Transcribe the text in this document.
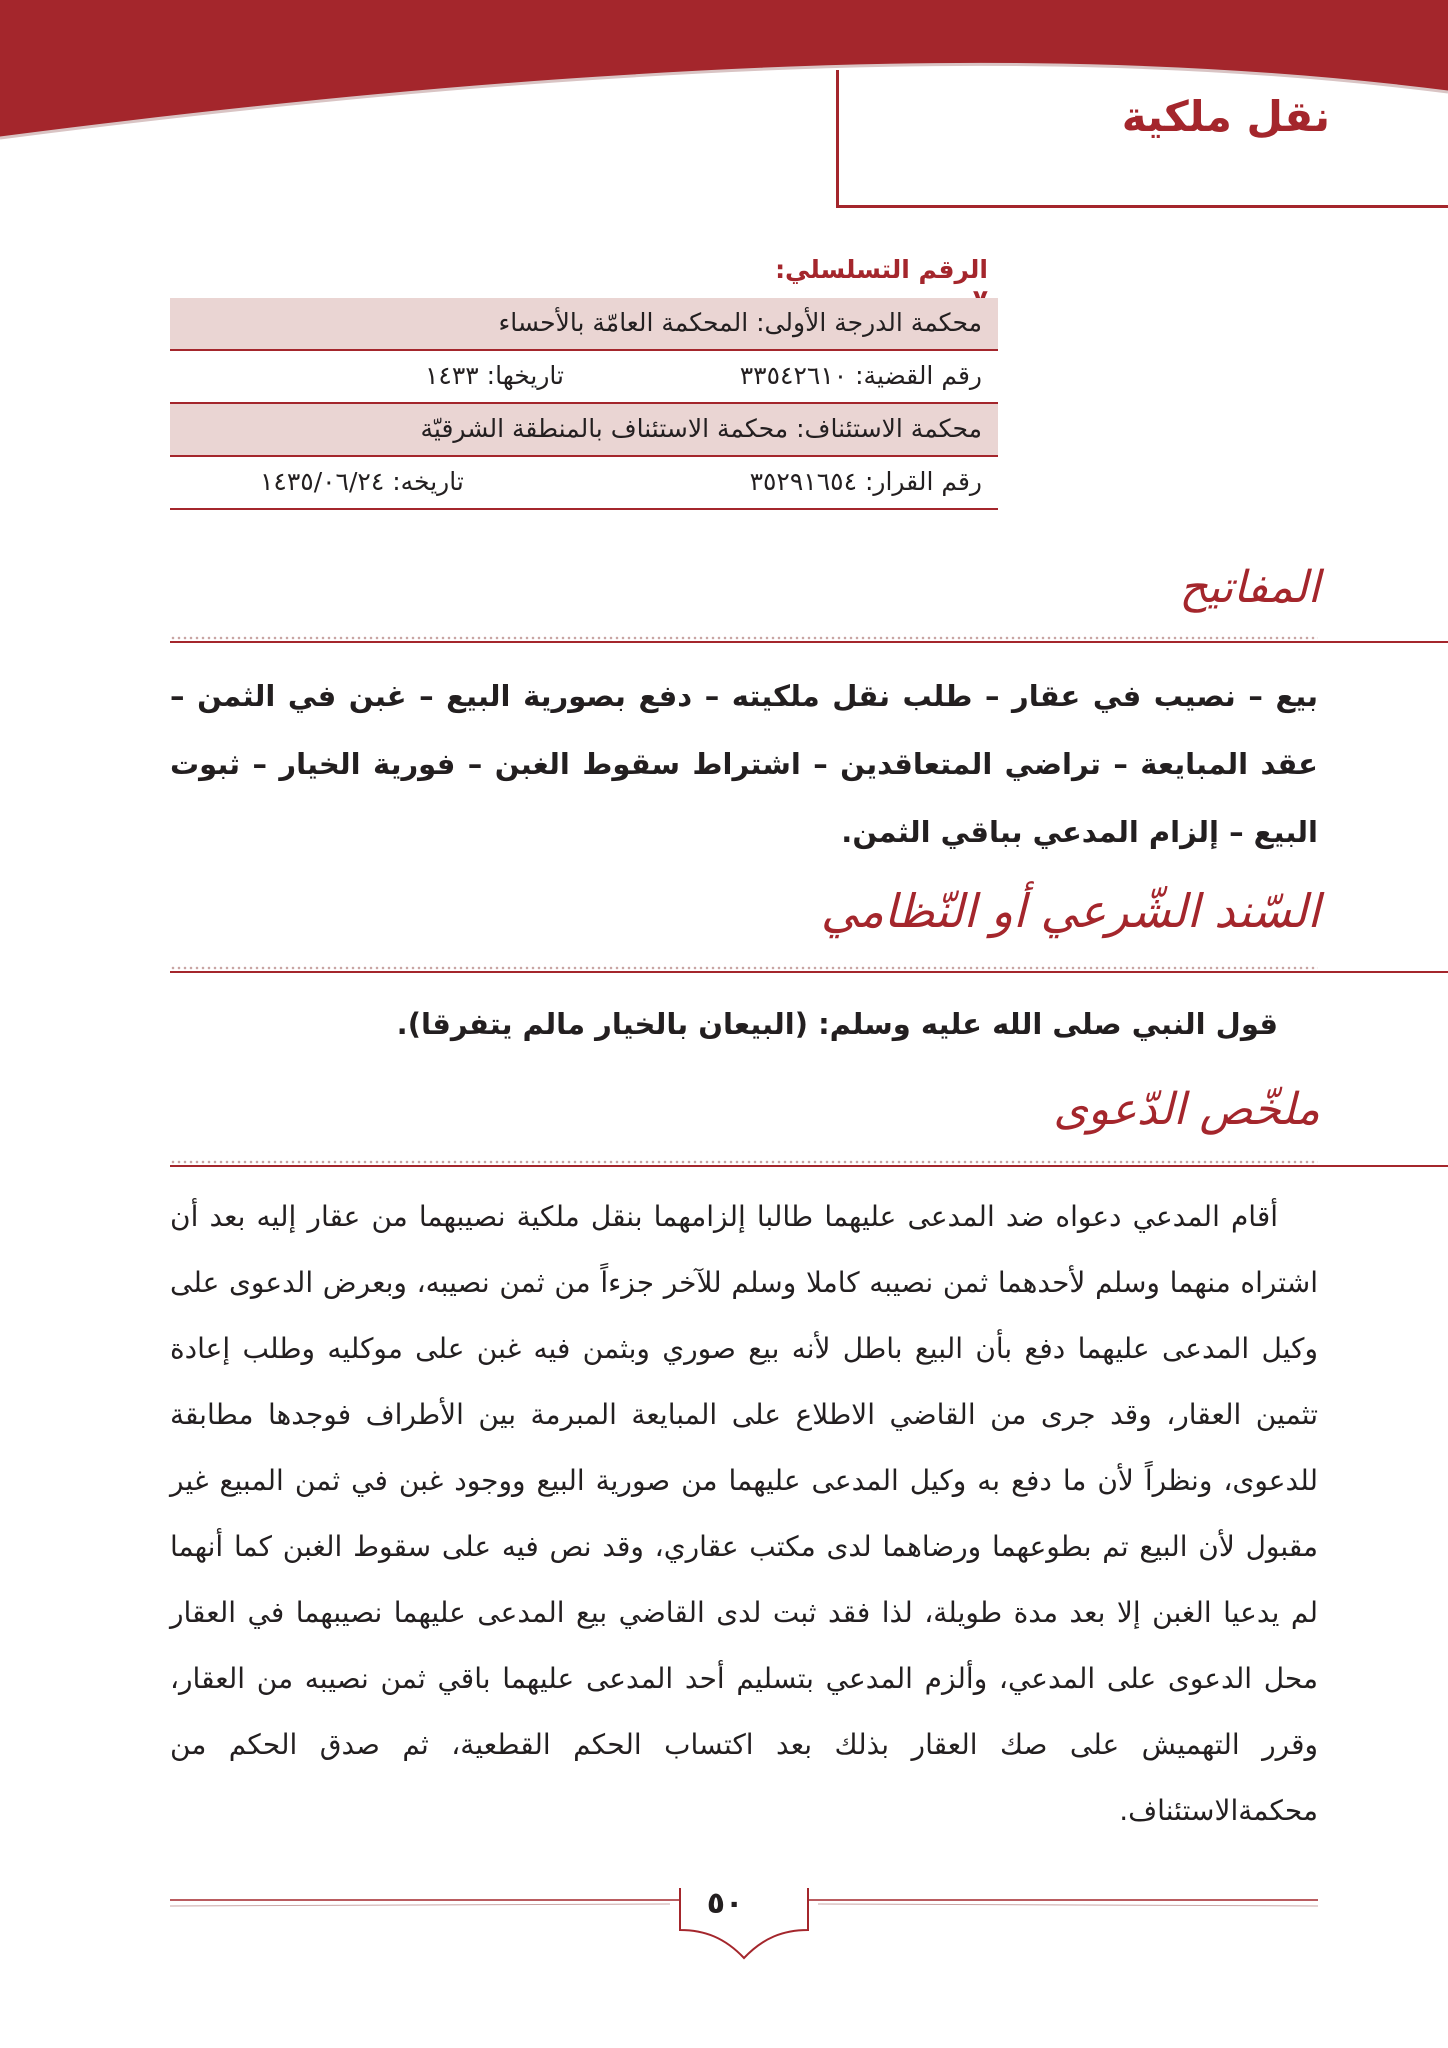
نقل ملكية
الرقم التسلسلي:
محكمة الدرجة الأولى: المحكمة العامّة بالأحساء
رقم القضية: ٣٣٥٤٢٦١٠
تاريخها: ١٤٣٣
محكمة الاستئناف: محكمة الاستئناف بالمنطقة الشرقيّة
رقم القرار: ٣٥٢٩١٦٥٤
تاريخه: ١٤٣٥/٠٦/٢٤
المفاتيح
بيع – نصيب في عقار – طلب نقل ملكيته – دفع بصورية البيع – غبن في الثمن – عقد المبايعة – تراضي المتعاقدين – اشتراط سقوط الغبن – فورية الخيار – ثبوت البيع – إلزام المدعي بباقي الثمن.
السّند الشّرعي أو النّظامي
قول النبي صلى الله عليه وسلم: (البيعان بالخيار مالم يتفرقا).
ملخّص الدّعوى
أقام المدعي دعواه ضد المدعى عليهما طالبا إلزامهما بنقل ملكية نصيبهما من عقار إليه بعد أن اشتراه منهما وسلم لأحدهما ثمن نصيبه كاملا وسلم للآخر جزءاً من ثمن نصيبه، وبعرض الدعوى على وكيل المدعى عليهما دفع بأن البيع باطل لأنه بيع صوري وبثمن فيه غبن على موكليه وطلب إعادة تثمين العقار، وقد جرى من القاضي الاطلاع على المبايعة المبرمة بين الأطراف فوجدها مطابقة للدعوى، ونظراً لأن ما دفع به وكيل المدعى عليهما من صورية البيع ووجود غبن في ثمن المبيع غير مقبول لأن البيع تم بطوعهما ورضاهما لدى مكتب عقاري، وقد نص فيه على سقوط الغبن كما أنهما لم يدعيا الغبن إلا بعد مدة طويلة، لذا فقد ثبت لدى القاضي بيع المدعى عليهما نصيبهما في العقار محل الدعوى على المدعي، وألزم المدعي بتسليم أحد المدعى عليهما باقي ثمن نصيبه من العقار، وقرر التهميش على صك العقار بذلك بعد اكتساب الحكم القطعية، ثم صدق الحكم من محكمةالاستئناف.
٥٠
